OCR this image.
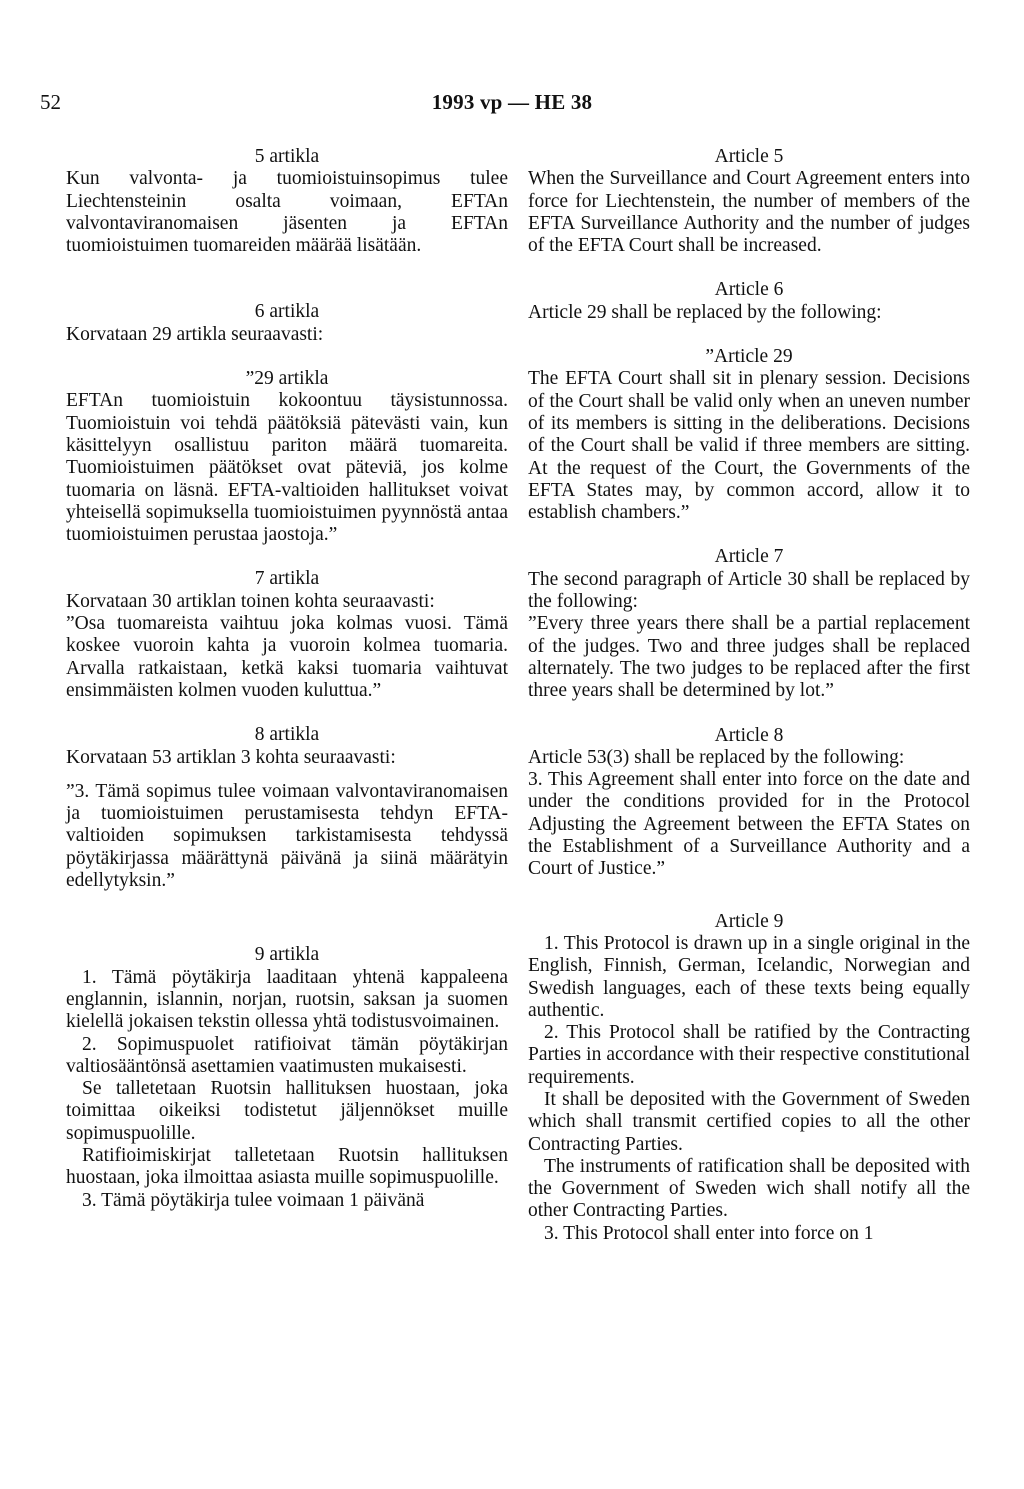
52	1993 vp — HE 38
5 artikla
Kun valvonta- ja tuomioistuinsopimus tulee Liechtensteinin osalta voimaan, EFTAn valvontaviranomaisen jäsenten ja EFTAn tuomioistuimen tuomareiden määrää lisätään.
6 artikla
Korvataan 29 artikla seuraavasti:
”29 artikla
EFTAn tuomioistuin kokoontuu täysistunnossa. Tuomioistuin voi tehdä päätöksiä pätevästi vain, kun käsittelyyn osallistuu pariton määrä tuomareita. Tuomioistuimen päätökset ovat päteviä, jos kolme tuomaria on läsnä. EFTA-valtioiden hallitukset voivat yhteisellä sopimuksella tuomioistuimen pyynnöstä antaa tuomioistuimen perustaa jaostoja.”
7 artikla
Korvataan 30 artiklan toinen kohta seuraavasti:
”Osa tuomareista vaihtuu joka kolmas vuosi. Tämä koskee vuoroin kahta ja vuoroin kolmea tuomaria. Arvalla ratkaistaan, ketkä kaksi tuomaria vaihtuvat ensimmäisten kolmen vuoden kuluttua.”
8 artikla
Korvataan 53 artiklan 3 kohta seuraavasti:
”3. Tämä sopimus tulee voimaan valvontaviranomaisen ja tuomioistuimen perustamisesta tehdyn EFTA-valtioiden sopimuksen tarkistamisesta tehdyssä pöytäkirjassa määrättynä päivänä ja siinä määrätyin edellytyksin.”
9 artikla
1. Tämä pöytäkirja laaditaan yhtenä kappaleena englannin, islannin, norjan, ruotsin, saksan ja suomen kielellä jokaisen tekstin ollessa yhtä todistusvoimainen.
2. Sopimuspuolet ratifioivat tämän pöytäkirjan valtiosääntönsä asettamien vaatimusten mukaisesti.
Se talletetaan Ruotsin hallituksen huostaan, joka toimittaa oikeiksi todistetut jäljennökset muille sopimuspuolille.
Ratifioimiskirjat talletetaan Ruotsin hallituksen huostaan, joka ilmoittaa asiasta muille sopimuspuolille.
3. Tämä pöytäkirja tulee voimaan 1 päivänä
Article 5
When the Surveillance and Court Agreement enters into force for Liechtenstein, the number of members of the EFTA Surveillance Authority and the number of judges of the EFTA Court shall be increased.
Article 6
Article 29 shall be replaced by the following:
”Article 29
The EFTA Court shall sit in plenary session. Decisions of the Court shall be valid only when an uneven number of its members is sitting in the deliberations. Decisions of the Court shall be valid if three members are sitting. At the request of the Court, the Governments of the EFTA States may, by common accord, allow it to establish chambers.”
Article 7
The second paragraph of Article 30 shall be replaced by the following:
”Every three years there shall be a partial replacement of the judges. Two and three judges shall be replaced alternately. The two judges to be replaced after the first three years shall be determined by lot.”
Article 8
Article 53(3) shall be replaced by the following:
3. This Agreement shall enter into force on the date and under the conditions provided for in the Protocol Adjusting the Agreement between the EFTA States on the Establishment of a Surveillance Authority and a Court of Justice.”
Article 9
1. This Protocol is drawn up in a single original in the English, Finnish, German, Icelandic, Norwegian and Swedish languages, each of these texts being equally authentic.
2. This Protocol shall be ratified by the Contracting Parties in accordance with their respective constitutional requirements.
It shall be deposited with the Government of Sweden which shall transmit certified copies to all the other Contracting Parties.
The instruments of ratification shall be deposited with the Government of Sweden wich shall notify all the other Contracting Parties.
3. This Protocol shall enter into force on 1
